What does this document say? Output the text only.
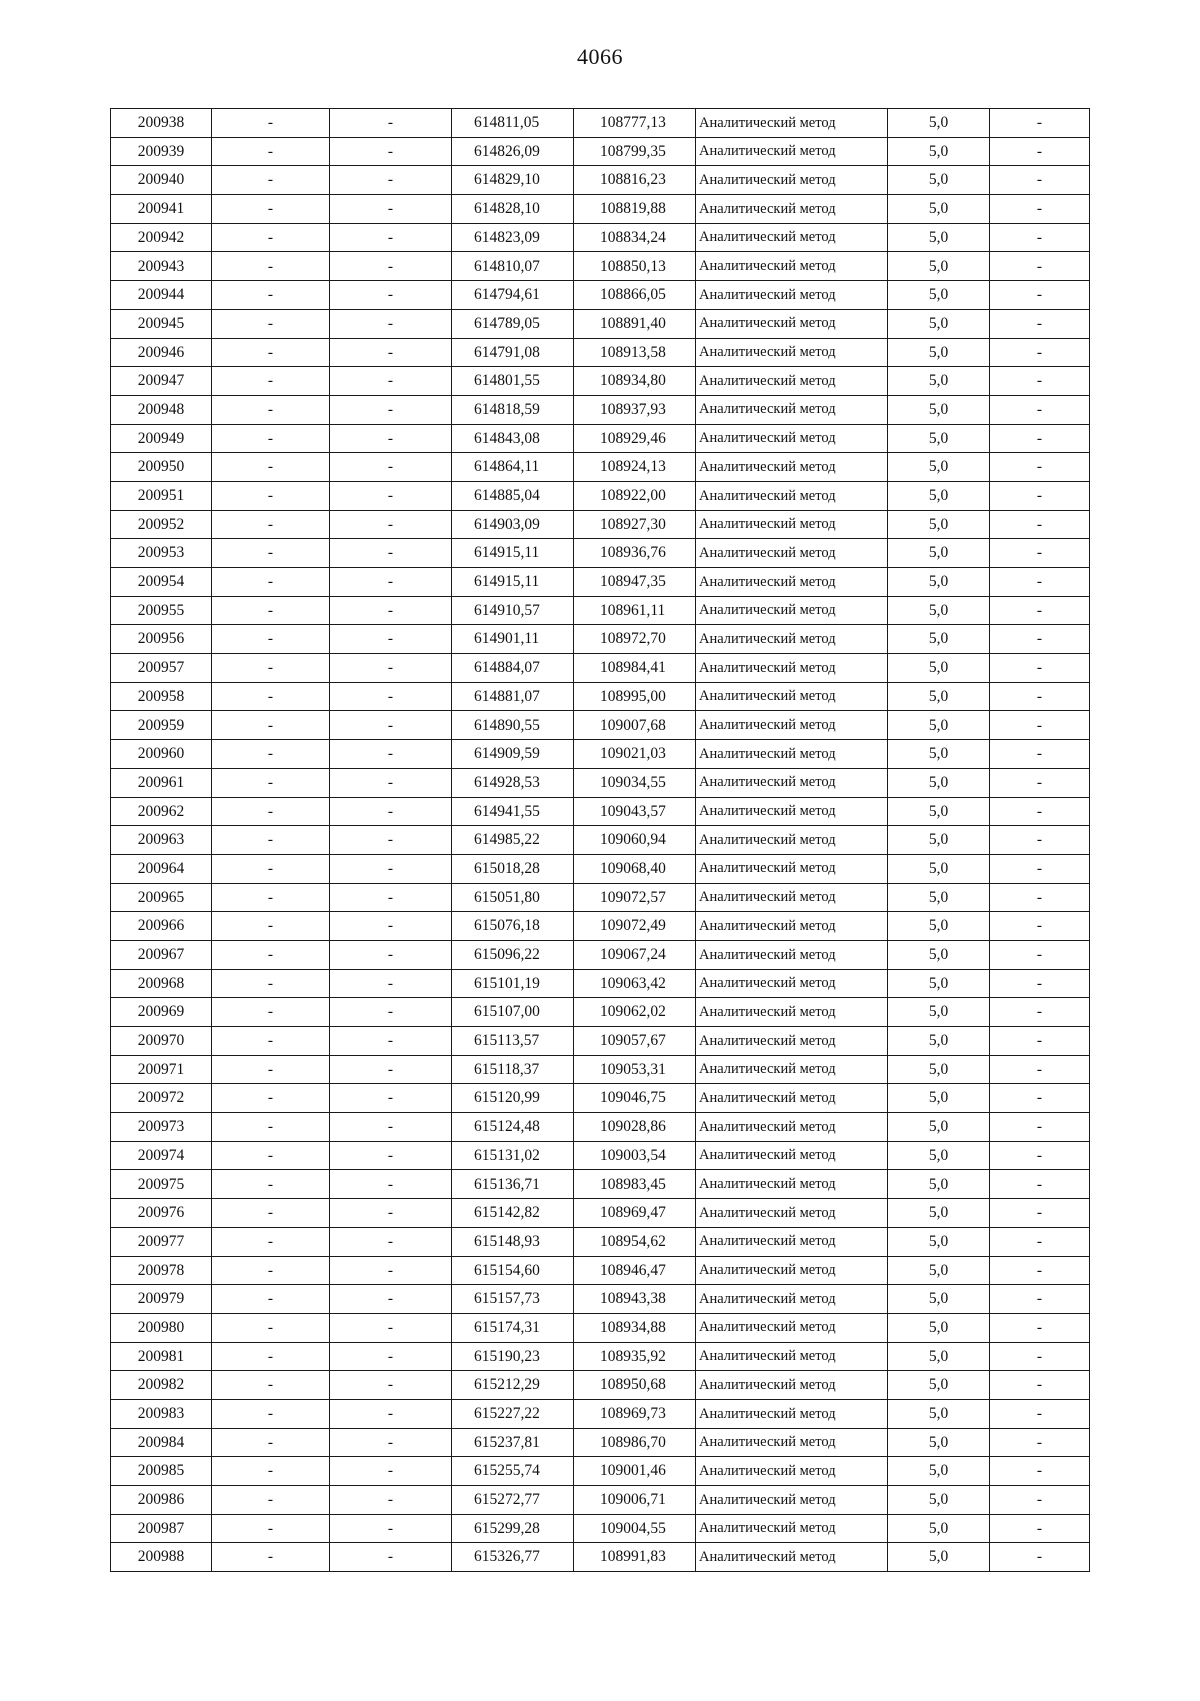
4066
200938	-	-	614811,05	108777,13	Аналитический метод	5,0	-
200939	-	-	614826,09	108799,35	Аналитический метод	5,0	-
200940	-	-	614829,10	108816,23	Аналитический метод	5,0	-
200941	-	-	614828,10	108819,88	Аналитический метод	5,0	-
200942	-	-	614823,09	108834,24	Аналитический метод	5,0	-
200943	-	-	614810,07	108850,13	Аналитический метод	5,0	-
200944	-	-	614794,61	108866,05	Аналитический метод	5,0	-
200945	-	-	614789,05	108891,40	Аналитический метод	5,0	-
200946	-	-	614791,08	108913,58	Аналитический метод	5,0	-
200947	-	-	614801,55	108934,80	Аналитический метод	5,0	-
200948	-	-	614818,59	108937,93	Аналитический метод	5,0	-
200949	-	-	614843,08	108929,46	Аналитический метод	5,0	-
200950	-	-	614864,11	108924,13	Аналитический метод	5,0	-
200951	-	-	614885,04	108922,00	Аналитический метод	5,0	-
200952	-	-	614903,09	108927,30	Аналитический метод	5,0	-
200953	-	-	614915,11	108936,76	Аналитический метод	5,0	-
200954	-	-	614915,11	108947,35	Аналитический метод	5,0	-
200955	-	-	614910,57	108961,11	Аналитический метод	5,0	-
200956	-	-	614901,11	108972,70	Аналитический метод	5,0	-
200957	-	-	614884,07	108984,41	Аналитический метод	5,0	-
200958	-	-	614881,07	108995,00	Аналитический метод	5,0	-
200959	-	-	614890,55	109007,68	Аналитический метод	5,0	-
200960	-	-	614909,59	109021,03	Аналитический метод	5,0	-
200961	-	-	614928,53	109034,55	Аналитический метод	5,0	-
200962	-	-	614941,55	109043,57	Аналитический метод	5,0	-
200963	-	-	614985,22	109060,94	Аналитический метод	5,0	-
200964	-	-	615018,28	109068,40	Аналитический метод	5,0	-
200965	-	-	615051,80	109072,57	Аналитический метод	5,0	-
200966	-	-	615076,18	109072,49	Аналитический метод	5,0	-
200967	-	-	615096,22	109067,24	Аналитический метод	5,0	-
200968	-	-	615101,19	109063,42	Аналитический метод	5,0	-
200969	-	-	615107,00	109062,02	Аналитический метод	5,0	-
200970	-	-	615113,57	109057,67	Аналитический метод	5,0	-
200971	-	-	615118,37	109053,31	Аналитический метод	5,0	-
200972	-	-	615120,99	109046,75	Аналитический метод	5,0	-
200973	-	-	615124,48	109028,86	Аналитический метод	5,0	-
200974	-	-	615131,02	109003,54	Аналитический метод	5,0	-
200975	-	-	615136,71	108983,45	Аналитический метод	5,0	-
200976	-	-	615142,82	108969,47	Аналитический метод	5,0	-
200977	-	-	615148,93	108954,62	Аналитический метод	5,0	-
200978	-	-	615154,60	108946,47	Аналитический метод	5,0	-
200979	-	-	615157,73	108943,38	Аналитический метод	5,0	-
200980	-	-	615174,31	108934,88	Аналитический метод	5,0	-
200981	-	-	615190,23	108935,92	Аналитический метод	5,0	-
200982	-	-	615212,29	108950,68	Аналитический метод	5,0	-
200983	-	-	615227,22	108969,73	Аналитический метод	5,0	-
200984	-	-	615237,81	108986,70	Аналитический метод	5,0	-
200985	-	-	615255,74	109001,46	Аналитический метод	5,0	-
200986	-	-	615272,77	109006,71	Аналитический метод	5,0	-
200987	-	-	615299,28	109004,55	Аналитический метод	5,0	-
200988	-	-	615326,77	108991,83	Аналитический метод	5,0	-
